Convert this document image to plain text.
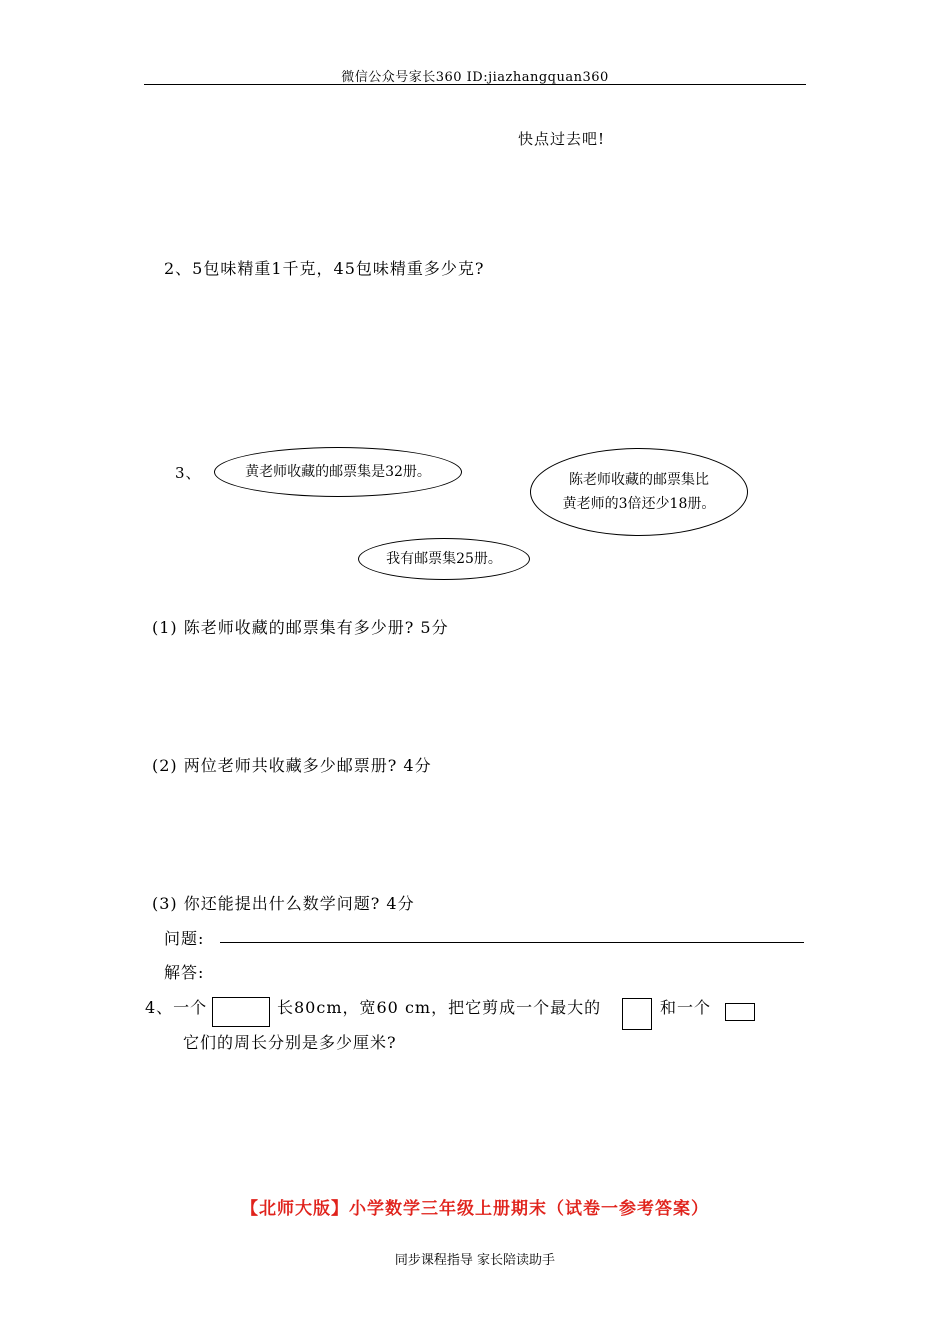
微信公众号家长360 ID:jiazhangquan360
快点过去吧!
2、5包味精重1千克，45包味精重多少克?
3、	黄老师收藏的邮票集是32册。	陈老师收藏的邮票集比
黄老师的3倍还少18册。
我有邮票集25册。
(1) 陈老师收藏的邮票集有多少册? 5分
(2) 两位老师共收藏多少邮票册? 4分
(3) 你还能提出什么数学问题? 4分
问题:
解答:
4、一个	长80cm，宽60 cm，把它剪成一个最大的	和一个
它们的周长分别是多少厘米?
【北师大版】小学数学三年级上册期末（试卷一参考答案）
同步课程指导 家长陪读助手
